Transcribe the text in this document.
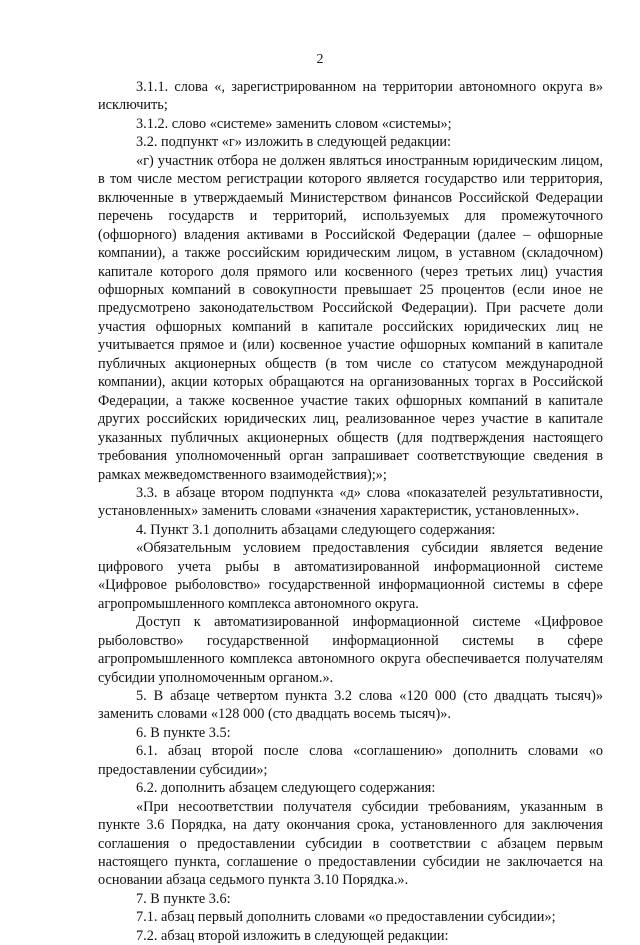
2

3.1.1. слова «, зарегистрированном на территории автономного округа в» исключить;

3.1.2. слово «системе» заменить словом «системы»;

3.2. подпункт «г» изложить в следующей редакции:

«г) участник отбора не должен являться иностранным юридическим лицом, в том числе местом регистрации которого является государство или территория, включенные в утверждаемый Министерством финансов Российской Федерации перечень государств и территорий, используемых для промежуточного (офшорного) владения активами в Российской Федерации (далее – офшорные компании), а также российским юридическим лицом, в уставном (складочном) капитале которого доля прямого или косвенного (через третьих лиц) участия офшорных компаний в совокупности превышает 25 процентов (если иное не предусмотрено законодательством Российской Федерации). При расчете доли участия офшорных компаний в капитале российских юридических лиц не учитывается прямое и (или) косвенное участие офшорных компаний в капитале публичных акционерных обществ (в том числе со статусом международной компании), акции которых обращаются на организованных торгах в Российской Федерации, а также косвенное участие таких офшорных компаний в капитале других российских юридических лиц, реализованное через участие в капитале указанных публичных акционерных обществ (для подтверждения настоящего требования уполномоченный орган запрашивает соответствующие сведения в рамках межведомственного взаимодействия);»;

3.3. в абзаце втором подпункта «д» слова «показателей результативности, установленных» заменить словами «значения характеристик, установленных».

4. Пункт 3.1 дополнить абзацами следующего содержания:

«Обязательным условием предоставления субсидии является ведение цифрового учета рыбы в автоматизированной информационной системе «Цифровое рыболовство» государственной информационной системы в сфере агропромышленного комплекса автономного округа.

Доступ к автоматизированной информационной системе «Цифровое рыболовство» государственной информационной системы в сфере агропромышленного комплекса автономного округа обеспечивается получателям субсидии уполномоченным органом.».

5. В абзаце четвертом пункта 3.2 слова «120 000 (сто двадцать тысяч)» заменить словами «128 000 (сто двадцать восемь тысяч)».

6. В пункте 3.5:

6.1. абзац второй после слова «соглашению» дополнить словами «о предоставлении субсидии»;

6.2. дополнить абзацем следующего содержания:

«При несоответствии получателя субсидии требованиям, указанным в пункте 3.6 Порядка, на дату окончания срока, установленного для заключения соглашения о предоставлении субсидии в соответствии с абзацем первым настоящего пункта, соглашение о предоставлении субсидии не заключается на основании абзаца седьмого пункта 3.10 Порядка.».

7. В пункте 3.6:

7.1. абзац первый дополнить словами «о предоставлении субсидии»;

7.2. абзац второй изложить в следующей редакции:
